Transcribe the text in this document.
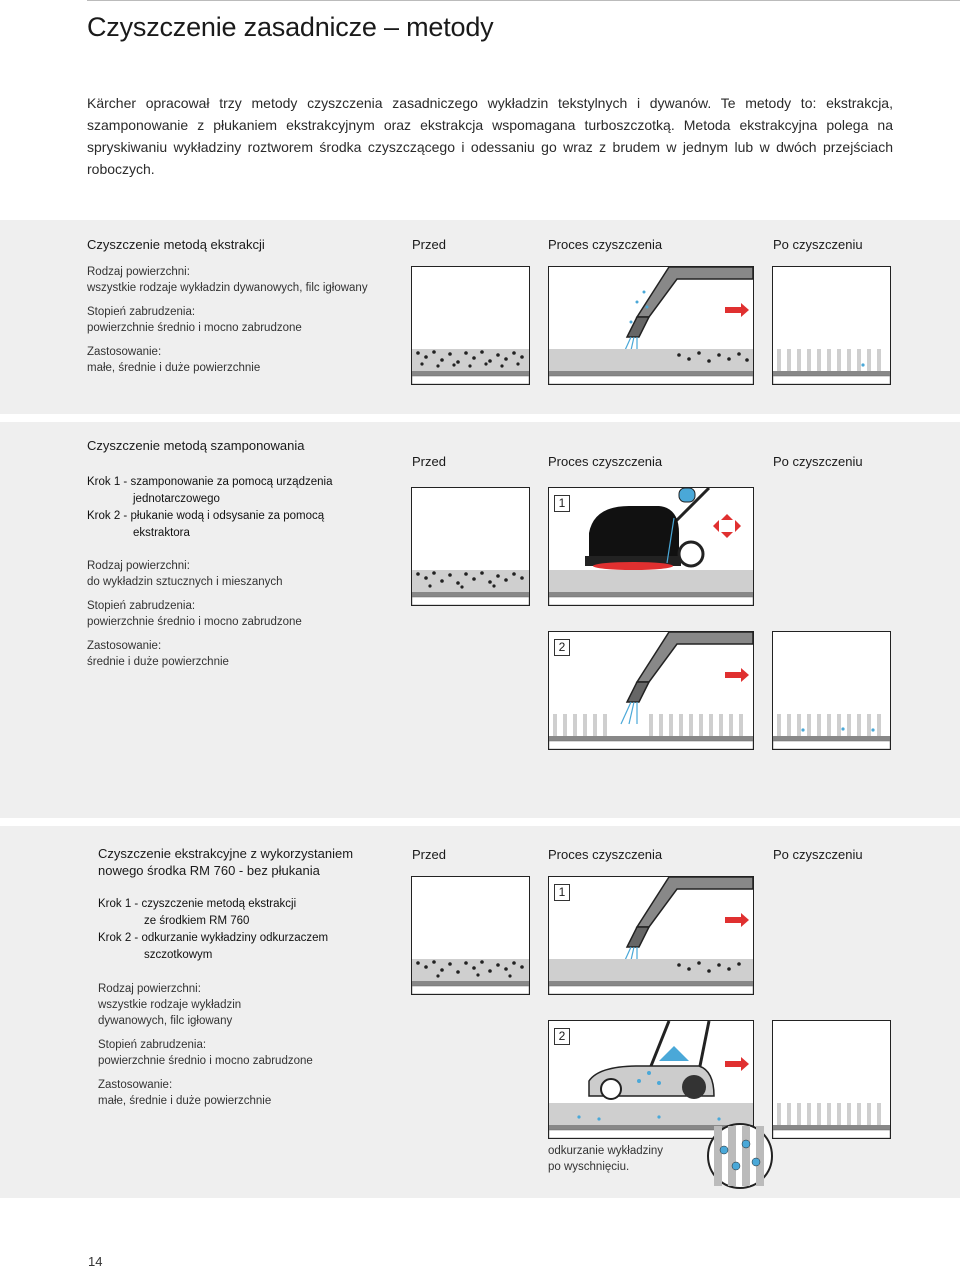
Czyszczenie zasadnicze – metody

Kärcher opracował trzy metody czyszczenia zasadniczego wykładzin tekstylnych i dywanów. Te metody to: ekstrakcja, szamponowanie z płukaniem ekstrakcyjnym oraz ekstrakcja wspomagana turboszczotką. Metoda ekstrakcyjna polega na spryskiwaniu wykładziny roztworem środka czyszczącego i odessaniu go wraz z brudem w jednym lub w dwóch przejściach roboczych.

Czyszczenie metodą ekstrakcji	Przed	Proces czyszczenia	Po czyszczeniu
Rodzaj powierzchni:
wszystkie rodzaje wykładzin dywanowych, filc igłowany
Stopień zabrudzenia:
powierzchnie średnio i mocno zabrudzone
Zastosowanie:
małe, średnie i duże powierzchnie
Czyszczenie metodą szamponowania
Przed	Proces czyszczenia	Po czyszczeniu
Krok 1 - szamponowanie za pomocą urządzenia
jednotarczowego
Krok 2 - płukanie wodą i odsysanie za pomocą
ekstraktora
Rodzaj powierzchni:
do wykładzin sztucznych i mieszanych
Stopień zabrudzenia:
powierzchnie średnio i mocno zabrudzone
Zastosowanie:
średnie i duże powierzchnie
1
2
Czyszczenie ekstrakcyjne z wykorzystaniem
nowego środka RM 760 - bez płukania
Przed	Proces czyszczenia	Po czyszczeniu
Krok 1 - czyszczenie metodą ekstrakcji
ze środkiem RM 760
Krok 2 - odkurzanie wykładziny odkurzaczem
szczotkowym
Rodzaj powierzchni:
wszystkie rodzaje wykładzin
dywanowych, filc igłowany
Stopień zabrudzenia:
powierzchnie średnio i mocno zabrudzone
Zastosowanie:
małe, średnie i duże powierzchnie
1
2
odkurzanie wykładziny
po wyschnięciu.
14
